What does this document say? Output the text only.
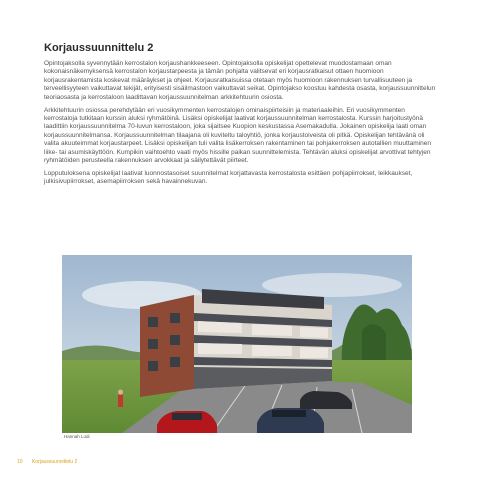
Korjaussuunnittelu 2

Opintojaksolla syvennytään kerrostalon korjaushankkeeseen. Opintojaksolla opiskelijat opettelevat muodostamaan oman kokonaisnäkemyksensä kerrostalon korjaustarpeesta ja tämän pohjalta valitsevat eri korjausratkaisut ottaen huomioon korjausrakentamista koskevat määräykset ja ohjeet. Korjausratkaisuissa otetaan myös huomioon rakennuksen turvallisuuteen ja terveellisyyteen vaikuttavat tekijät, erityisesti sisäilmastoon vaikuttavat seikat. Opintojakso koostuu kahdesta osasta, korjaussuunnittelun teoriaosasta ja kerrostaloon laadittavan korjaussuunnitelman arkkitehtuurin osiosta.

Arkkitehtuurin osiossa perehdytään eri vuosikymmenten kerrostalojen ominaispiirteisiin ja materiaaleihin. Eri vuosikymmenten kerrostaloja tutkitaan kurssin aluksi ryhmätöinä. Lisäksi opiskelijat laativat korjaussuunnitelman kerrostalosta. Kurssin harjoitustyönä laadittiin korjaussuunnitelma 70-luvun kerrostaloon, joka sijaitsee Kuopion keskustassa Asemakadulla. Jokainen opiskelija laati oman korjaussuunnitelmansa. Korjaussuunnitelman tilaajana oli kuviteltu taloyhtiö, jonka korjaustoiveista oli pitkä. Opiskelijan tehtävänä oli valita akuuteimmat korjaustarpeet. Lisäksi opiskelijan tuli valita lisäkerroksen rakentaminen tai pohjakerroksen autotallien muuttaminen liike- tai asumiskäyttöön. Kumpikin vaihtoehto vaati myös hissille paikan suunnittelemista. Tehtävän aluksi opiskelijat arvottivat tehtyjen ryhmätöiden perusteella rakennuksen arvokkaat ja säilytettävät piirteet.

Lopputuloksena opiskelijat laativat luonnostasoiset suunnitelmat korjattavasta kerrostalosta esittäen pohjapiirrokset, leikkaukset, julkisivupiirrokset, asemapiirroksen sekä havainnekuvan.

Hannah Lodi
10 Korjaussuunnittelu 2
